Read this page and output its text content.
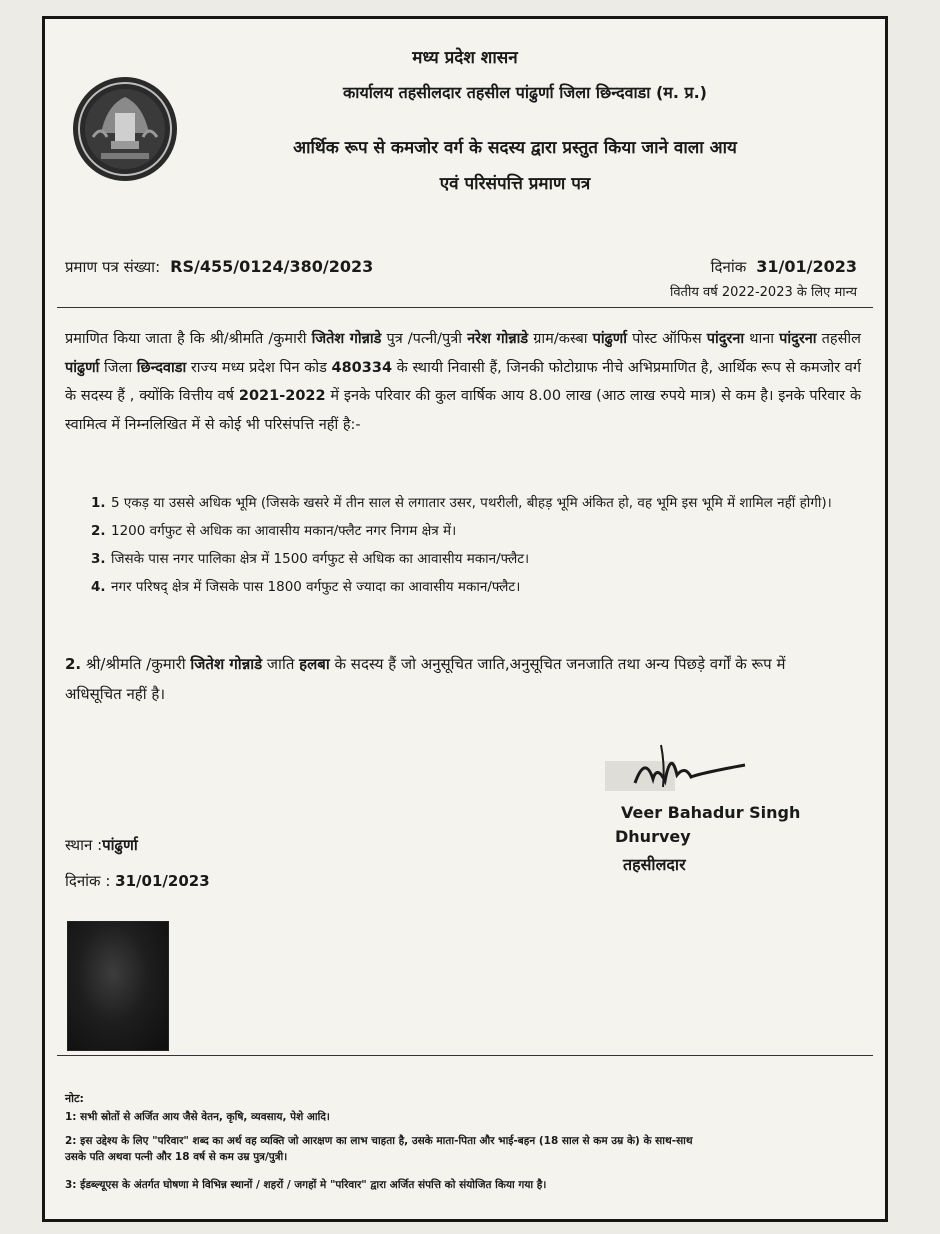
मध्य प्रदेश शासन
कार्यालय तहसीलदार तहसील पांढुर्णा जिला छिन्दवाडा (म. प्र.)
आर्थिक रूप से कमजोर वर्ग के सदस्य द्वारा प्रस्तुत किया जाने वाला आय
एवं परिसंपत्ति प्रमाण पत्र
प्रमाण पत्र संख्या: RS/455/0124/380/2023	दिनांक 31/01/2023
वितीय वर्ष 2022-2023 के लिए मान्य
प्रमाणित किया जाता है कि श्री/श्रीमति /कुमारी जितेश गोन्नाडे पुत्र /पत्नी/पुत्री नरेश गोन्नाडे ग्राम/कस्बा पांढुर्णा पोस्ट ऑफिस पांदुरना थाना पांदुरना तहसील पांढुर्णा जिला छिन्दवाडा राज्य मध्य प्रदेश पिन कोड 480334 के स्थायी निवासी हैं, जिनकी फोटोग्राफ नीचे अभिप्रमाणित है, आर्थिक रूप से कमजोर वर्ग के सदस्य हैं , क्योंकि वित्तीय वर्ष 2021-2022 में इनके परिवार की कुल वार्षिक आय 8.00 लाख (आठ लाख रुपये मात्र) से कम है। इनके परिवार के स्वामित्व में निम्नलिखित में से कोई भी परिसंपत्ति नहीं है:-
1. 5 एकड़ या उससे अधिक भूमि (जिसके खसरे में तीन साल से लगातार उसर, पथरीली, बीहड़ भूमि अंकित हो, वह भूमि इस भूमि में शामिल नहीं होगी)।
2. 1200 वर्गफुट से अधिक का आवासीय मकान/फ्लैट नगर निगम क्षेत्र में।
3. जिसके पास नगर पालिका क्षेत्र में 1500 वर्गफुट से अधिक का आवासीय मकान/फ्लैट।
4. नगर परिषद् क्षेत्र में जिसके पास 1800 वर्गफुट से ज्यादा का आवासीय मकान/फ्लैट।
2. श्री/श्रीमति /कुमारी जितेश गोन्नाडे जाति हलबा के सदस्य हैं जो अनुसूचित जाति,अनुसूचित जनजाति तथा अन्य पिछड़े वर्गों के रूप में अधिसूचित नहीं है।
Veer Bahadur Singh
Dhurvey
तहसीलदार
स्थान :पांढुर्णा
दिनांक : 31/01/2023
नोट:
1: सभी स्रोतों से अर्जित आय जैसे वेतन, कृषि, व्यवसाय, पेशे आदि।
2: इस उद्देश्य के लिए "परिवार" शब्द का अर्थ वह व्यक्ति जो आरक्षण का लाभ चाहता है, उसके माता-पिता और भाई-बहन (18 साल से कम उम्र के) के साथ-साथ
उसके पति अथवा पत्नी और 18 वर्ष से कम उम्र पुत्र/पुत्री।
3: ईडब्ल्यूएस के अंतर्गत घोषणा मे विभिन्न स्थानों / शहरों / जगहों मे "परिवार" द्वारा अर्जित संपत्ति को संयोजित किया गया है।
